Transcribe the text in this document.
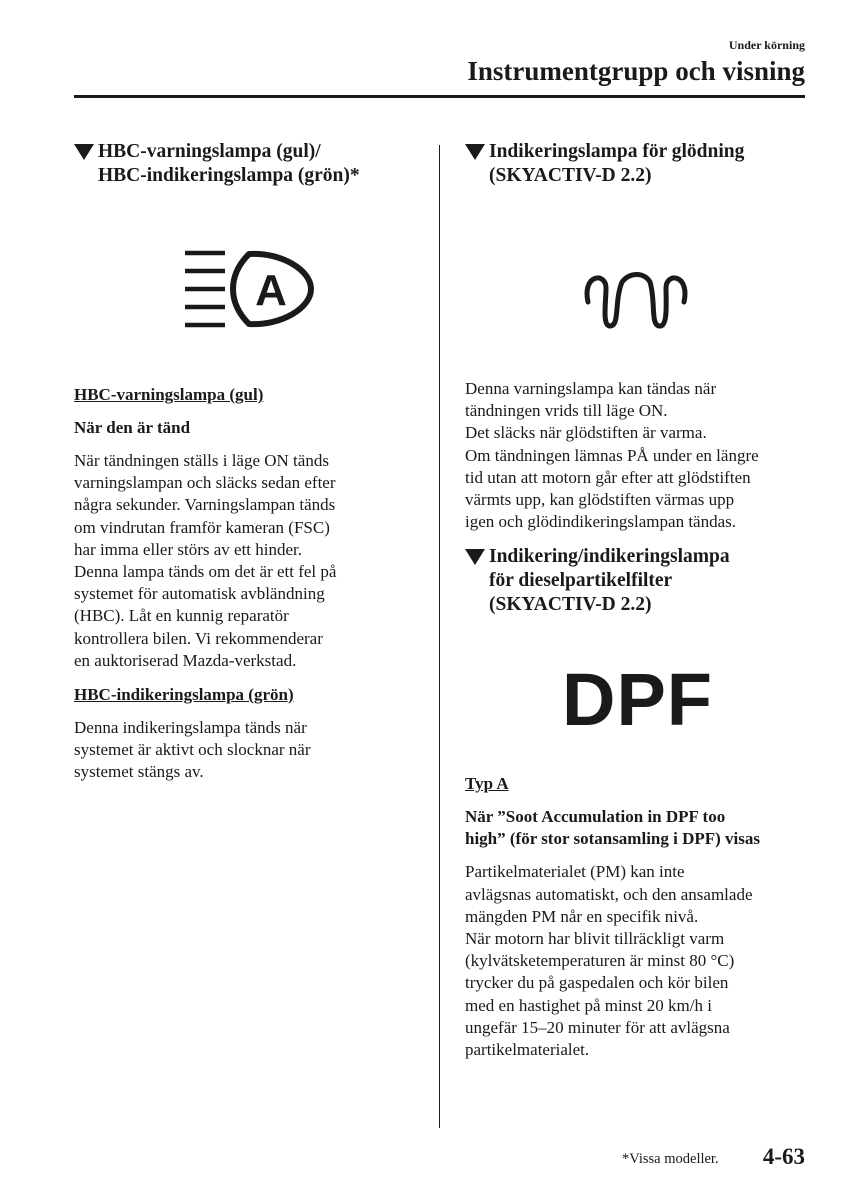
Under körning
Instrumentgrupp och visning
HBC-varningslampa (gul)/
HBC-indikeringslampa (grön)*
A
HBC-varningslampa (gul)
När den är tänd

När tändningen ställs i läge ON tänds
varningslampan och släcks sedan efter
några sekunder. Varningslampan tänds
om vindrutan framför kameran (FSC)
har imma eller störs av ett hinder.
Denna lampa tänds om det är ett fel på
systemet för automatisk avbländning
(HBC). Låt en kunnig reparatör
kontrollera bilen. Vi rekommenderar
en auktoriserad Mazda-verkstad.

HBC-indikeringslampa (grön)

Denna indikeringslampa tänds när
systemet är aktivt och slocknar när
systemet stängs av.

Indikeringslampa för glödning
(SKYACTIV-D 2.2)

Denna varningslampa kan tändas när
tändningen vrids till läge ON.
Det släcks när glödstiften är varma.
Om tändningen lämnas PÅ under en längre
tid utan att motorn går efter att glödstiften
värmts upp, kan glödstiften värmas upp
igen och glödindikeringslampan tändas.

Indikering/indikeringslampa
för dieselpartikelfilter
(SKYACTIV-D 2.2)
DPF
Typ A
När ”Soot Accumulation in DPF too
high” (för stor sotansamling i DPF) visas

Partikelmaterialet (PM) kan inte
avlägsnas automatiskt, och den ansamlade
mängden PM når en specifik nivå.
När motorn har blivit tillräckligt varm
(kylvätsketemperaturen är minst 80 °C)
trycker du på gaspedalen och kör bilen
med en hastighet på minst 20 km/h i
ungefär 15–20 minuter för att avlägsna
partikelmaterialet.

*Vissa modeller. 4-63
